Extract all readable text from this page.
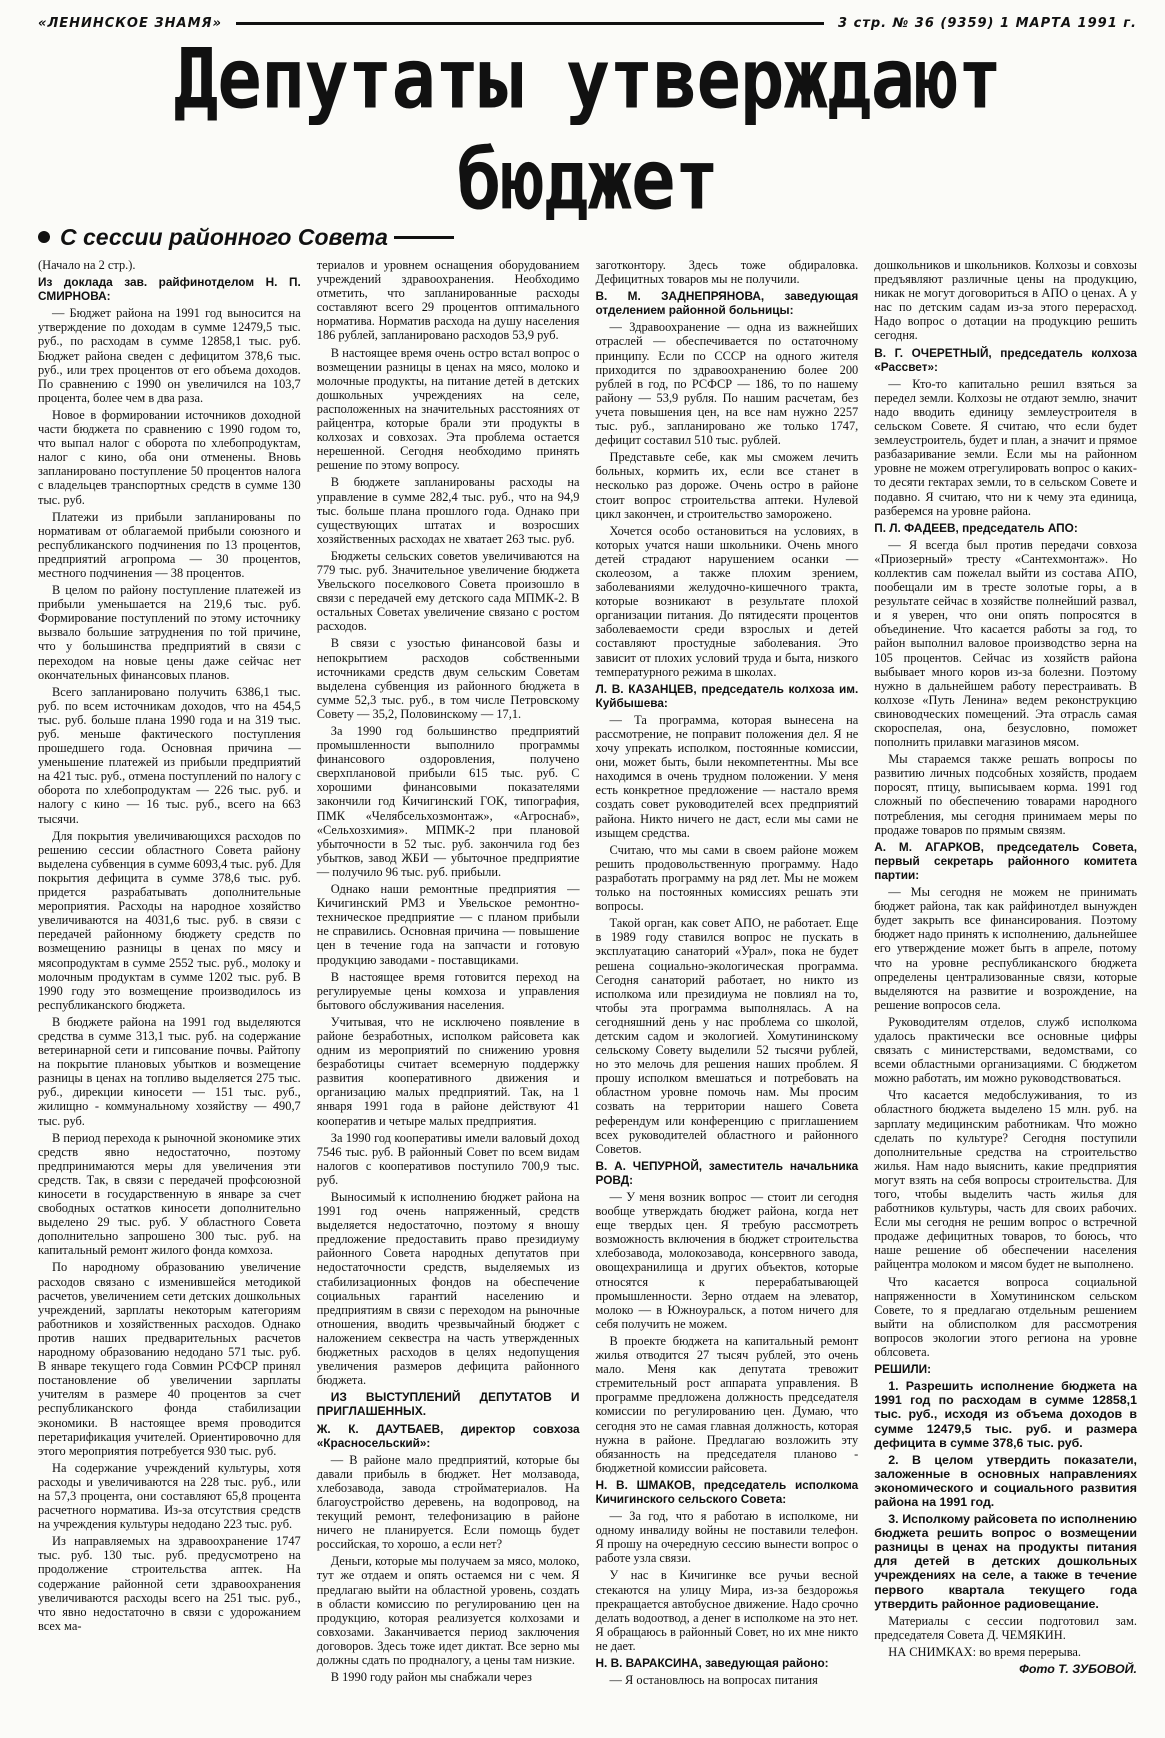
«ЛЕНИНСКОЕ ЗНАМЯ»	3 стр. № 36 (9359) 1 МАРТА 1991 г.
Депутаты утверждают бюджет
С сессии районного Совета

(Начало на 2 стр.).

Из доклада зав. райфинотделом Н. П. СМИРНОВА:

— Бюджет района на 1991 год выносится на утверждение по доходам в сумме 12479,5 тыс. руб., по расходам в сумме 12858,1 тыс. руб. Бюджет района сведен с дефицитом 378,6 тыс. руб., или трех процентов от его объема доходов. По сравнению с 1990 он увеличился на 103,7 процента, более чем в два раза.

Новое в формировании источников доходной части бюджета по сравнению с 1990 годом то, что выпал налог с оборота по хлебопродуктам, налог с кино, оба они отменены. Вновь запланировано поступление 50 процентов налога с владельцев транспортных средств в сумме 130 тыс. руб.

Платежи из прибыли запланированы по нормативам от облагаемой прибыли союзного и республиканского подчинения по 13 процентов, предприятий агропрома — 30 процентов, местного подчинения — 38 процентов.

В целом по району поступление платежей из прибыли уменьшается на 219,6 тыс. руб. Формирование поступлений по этому источнику вызвало большие затруднения по той причине, что у большинства предприятий в связи с переходом на новые цены даже сейчас нет окончательных финансовых планов.

Всего запланировано получить 6386,1 тыс. руб. по всем источникам доходов, что на 454,5 тыс. руб. больше плана 1990 года и на 319 тыс. руб. меньше фактического поступления прошедшего года. Основная причина — уменьшение платежей из прибыли предприятий на 421 тыс. руб., отмена поступлений по налогу с оборота по хлебопродуктам — 226 тыс. руб. и налогу с кино — 16 тыс. руб., всего на 663 тысячи.

Для покрытия увеличивающихся расходов по решению сессии областного Совета району выделена субвенция в сумме 6093,4 тыс. руб. Для покрытия дефицита в сумме 378,6 тыс. руб. придется разрабатывать дополнительные мероприятия. Расходы на народное хозяйство увеличиваются на 4031,6 тыс. руб. в связи с передачей районному бюджету средств по возмещению разницы в ценах по мясу и мясопродуктам в сумме 2552 тыс. руб., молоку и молочным продуктам в сумме 1202 тыс. руб. В 1990 году это возмещение производилось из республиканского бюджета.

В бюджете района на 1991 год выделяются средства в сумме 313,1 тыс. руб. на содержание ветеринарной сети и гипсование почвы. Райтопу на покрытие плановых убытков и возмещение разницы в ценах на топливо выделяется 275 тыс. руб., дирекции киносети — 151 тыс. руб., жилищно - коммунальному хозяйству — 490,7 тыс. руб.

В период перехода к рыночной экономике этих средств явно недостаточно, поэтому предпринимаются меры для увеличения эти средств. Так, в связи с передачей профсоюзной киносети в государственную в январе за счет свободных остатков киносети дополнительно выделено 29 тыс. руб. У областного Совета дополнительно запрошено 300 тыс. руб. на капитальный ремонт жилого фонда комхоза.

По народному образованию увеличение расходов связано с изменившейся методикой расчетов, увеличением сети детских дошкольных учреждений, зарплаты некоторым категориям работников и хозяйственных расходов. Однако против наших предварительных расчетов народному образованию недодано 571 тыс. руб. В январе текущего года Совмин РСФСР принял постановление об увеличении зарплаты учителям в размере 40 процентов за счет республиканского фонда стабилизации экономики. В настоящее время проводится перетарификация учителей. Ориентировочно для этого мероприятия потребуется 930 тыс. руб.

На содержание учреждений культуры, хотя расходы и увеличиваются на 228 тыс. руб., или на 57,3 процента, они составляют 65,8 процента расчетного норматива. Из-за отсутствия средств на учреждения культуры недодано 223 тыс. руб.

Из направляемых на здравоохранение 1747 тыс. руб. 130 тыс. руб. предусмотрено на продолжение строительства аптек. На содержание районной сети здравоохранения увеличиваются расходы всего на 251 тыс. руб., что явно недостаточно в связи с удорожанием всех ма-

териалов и уровнем оснащения оборудованием учреждений здравоохранения. Необходимо отметить, что запланированные расходы составляют всего 29 процентов оптимального норматива. Норматив расхода на душу населения 186 рублей, запланировано расходов 53,9 руб.

В настоящее время очень остро встал вопрос о возмещении разницы в ценах на мясо, молоко и молочные продукты, на питание детей в детских дошкольных учреждениях на селе, расположенных на значительных расстояниях от райцентра, которые брали эти продукты в колхозах и совхозах. Эта проблема остается нерешенной. Сегодня необходимо принять решение по этому вопросу.

В бюджете запланированы расходы на управление в сумме 282,4 тыс. руб., что на 94,9 тыс. больше плана прошлого года. Однако при существующих штатах и возросших хозяйственных расходах не хватает 263 тыс. руб.

Бюджеты сельских советов увеличиваются на 779 тыс. руб. Значительное увеличение бюджета Увельского поселкового Совета произошло в связи с передачей ему детского сада МПМК-2. В остальных Советах увеличение связано с ростом расходов.

В связи с узостью финансовой базы и непокрытием расходов собственными источниками средств двум сельским Советам выделена субвенция из районного бюджета в сумме 52,3 тыс. руб., в том числе Петровскому Совету — 35,2, Половинскому — 17,1.

За 1990 год большинство предприятий промышленности выполнило программы финансового оздоровления, получено сверхплановой прибыли 615 тыс. руб. С хорошими финансовыми показателями закончили год Кичигинский ГОК, типография, ПМК «Челябсельхозмонтаж», «Агроснаб», «Сельхозхимия». МПМК-2 при плановой убыточности в 52 тыс. руб. закончила год без убытков, завод ЖБИ — убыточное предприятие — получило 96 тыс. руб. прибыли.

Однако наши ремонтные предприятия — Кичигинский РМЗ и Увельское ремонтно-техническое предприятие — с планом прибыли не справились. Основная причина — повышение цен в течение года на запчасти и готовую продукцию заводами - поставщиками.

В настоящее время готовится переход на регулируемые цены комхоза и управления бытового обслуживания населения.

Учитывая, что не исключено появление в районе безработных, исполком райсовета как одним из мероприятий по снижению уровня безработицы считает всемерную поддержку развития кооперативного движения и организацию малых предприятий. Так, на 1 января 1991 года в районе действуют 41 кооператив и четыре малых предприятия.

За 1990 год кооперативы имели валовый доход 7546 тыс. руб. В районный Совет по всем видам налогов с кооперативов поступило 700,9 тыс. руб.

Выносимый к исполнению бюджет района на 1991 год очень напряженный, средств выделяется недостаточно, поэтому я вношу предложение предоставить право президиуму районного Совета народных депутатов при недостаточности средств, выделяемых из стабилизационных фондов на обеспечение социальных гарантий населению и предприятиям в связи с переходом на рыночные отношения, вводить чрезвычайный бюджет с наложением секвестра на часть утвержденных бюджетных расходов в целях недопущения увеличения размеров дефицита районного бюджета.

ИЗ ВЫСТУПЛЕНИЙ ДЕПУТАТОВ И ПРИГЛАШЕННЫХ.

Ж. К. ДАУТБАЕВ, директор совхоза «Красносельский»:

— В районе мало предприятий, которые бы давали прибыль в бюджет. Нет молзавода, хлебозавода, завода стройматериалов. На благоустройство деревень, на водопровод, на текущий ремонт, телефонизацию в районе ничего не планируется. Если помощь будет российская, то хорошо, а если нет?

Деньги, которые мы получаем за мясо, молоко, тут же отдаем и опять остаемся ни с чем. Я предлагаю выйти на областной уровень, создать в области комиссию по регулированию цен на продукцию, которая реализуется колхозами и совхозами. Заканчивается период заключения договоров. Здесь тоже идет диктат. Все зерно мы должны сдать по продналогу, а цены там низкие.

В 1990 году район мы снабжали через

заготконтору. Здесь тоже обдираловка. Дефицитных товаров мы не получили.

В. М. ЗАДНЕПРЯНОВА, заведующая отделением районной больницы:

— Здравоохранение — одна из важнейших отраслей — обеспечивается по остаточному принципу. Если по СССР на одного жителя приходится по здравоохранению более 200 рублей в год, по РСФСР — 186, то по нашему району — 53,9 рубля. По нашим расчетам, без учета повышения цен, на все нам нужно 2257 тыс. руб., запланировано же только 1747, дефицит составил 510 тыс. рублей.

Представьте себе, как мы сможем лечить больных, кормить их, если все станет в несколько раз дороже. Очень остро в районе стоит вопрос строительства аптеки. Нулевой цикл закончен, и строительство заморожено.

Хочется особо остановиться на условиях, в которых учатся наши школьники. Очень много детей страдают нарушением осанки — сколеозом, а также плохим зрением, заболеваниями желудочно-кишечного тракта, которые возникают в результате плохой организации питания. До пятидесяти процентов заболеваемости среди взрослых и детей составляют простудные заболевания. Это зависит от плохих условий труда и быта, низкого температурного режима в школах.

Л. В. КАЗАНЦЕВ, председатель колхоза им. Куйбышева:

— Та программа, которая вынесена на рассмотрение, не поправит положения дел. Я не хочу упрекать исполком, постоянные комиссии, они, может быть, были некомпетентны. Мы все находимся в очень трудном положении. У меня есть конкретное предложение — настало время создать совет руководителей всех предприятий района. Никто ничего не даст, если мы сами не изыщем средства.

Считаю, что мы сами в своем районе можем решить продовольственную программу. Надо разработать программу на ряд лет. Мы не можем только на постоянных комиссиях решать эти вопросы.

Такой орган, как совет АПО, не работает. Еще в 1989 году ставился вопрос не пускать в эксплуатацию санаторий «Урал», пока не будет решена социально-экологическая программа. Сегодня санаторий работает, но никто из исполкома или президиума не повлиял на то, чтобы эта программа выполнялась. А на сегодняшний день у нас проблема со школой, детским садом и экологией. Хомутининскому сельскому Совету выделили 52 тысячи рублей, но это мелочь для решения наших проблем. Я прошу исполком вмешаться и потребовать на областном уровне помочь нам. Мы просим созвать на территории нашего Совета референдум или конференцию с приглашением всех руководителей областного и районного Советов.

В. А. ЧЕПУРНОЙ, заместитель начальника РОВД:

— У меня возник вопрос — стоит ли сегодня вообще утверждать бюджет района, когда нет еще твердых цен. Я требую рассмотреть возможность включения в бюджет строительства хлебозавода, молокозавода, консервного завода, овощехранилища и других объектов, которые относятся к перерабатывающей промышленности. Зерно отдаем на элеватор, молоко — в Южноуральск, а потом ничего для себя получить не можем.

В проекте бюджета на капитальный ремонт жилья отводится 27 тысяч рублей, это очень мало. Меня как депутата тревожит стремительный рост аппарата управления. В программе предложена должность председателя комиссии по регулированию цен. Думаю, что сегодня это не самая главная должность, которая нужна в районе. Предлагаю возложить эту обязанность на председателя планово - бюджетной комиссии райсовета.

Н. В. ШМАКОВ, председатель исполкома Кичигинского сельского Совета:

— За год, что я работаю в исполкоме, ни одному инвалиду войны не поставили телефон. Я прошу на очередную сессию вынести вопрос о работе узла связи.

У нас в Кичигинке все ручьи весной стекаются на улицу Мира, из-за бездорожья прекращается автобусное движение. Надо срочно делать водоотвод, а денег в исполкоме на это нет. Я обращаюсь в районный Совет, но их мне никто не дает.

Н. В. ВАРАКСИНА, заведующая районо:

— Я остановлюсь на вопросах питания

дошкольников и школьников. Колхозы и совхозы предъявляют различные цены на продукцию, никак не могут договориться в АПО о ценах. А у нас по детским садам из-за этого перерасход. Надо вопрос о дотации на продукцию решить сегодня.

В. Г. ОЧЕРЕТНЫЙ, председатель колхоза «Рассвет»:

— Кто-то капитально решил взяться за передел земли. Колхозы не отдают землю, значит надо вводить единицу землеустроителя в сельском Совете. Я считаю, что если будет землеустроитель, будет и план, а значит и прямое разбазаривание земли. Если мы на районном уровне не можем отрегулировать вопрос о каких-то десяти гектарах земли, то в сельском Совете и подавно. Я считаю, что ни к чему эта единица, разберемся на уровне района.

П. Л. ФАДЕЕВ, председатель АПО:

— Я всегда был против передачи совхоза «Приозерный» тресту «Сантехмонтаж». Но коллектив сам пожелал выйти из состава АПО, пообещали им в тресте золотые горы, а в результате сейчас в хозяйстве полнейший развал, и я уверен, что они опять попросятся в объединение. Что касается работы за год, то район выполнил валовое производство зерна на 105 процентов. Сейчас из хозяйств района выбывает много коров из-за болезни. Поэтому нужно в дальнейшем работу перестраивать. В колхозе «Путь Ленина» ведем реконструкцию свиноводческих помещений. Эта отрасль самая скороспелая, она, безусловно, поможет пополнить прилавки магазинов мясом.

Мы стараемся также решать вопросы по развитию личных подсобных хозяйств, продаем поросят, птицу, выписываем корма. 1991 год сложный по обеспечению товарами народного потребления, мы сегодня принимаем меры по продаже товаров по прямым связям.

А. М. АГАРКОВ, председатель Совета, первый секретарь районного комитета партии:

— Мы сегодня не можем не принимать бюджет района, так как райфинотдел вынужден будет закрыть все финансирования. Поэтому бюджет надо принять к исполнению, дальнейшее его утверждение может быть в апреле, потому что на уровне республиканского бюджета определены централизованные связи, которые выделяются на развитие и возрождение, на решение вопросов села.

Руководителям отделов, служб исполкома удалось практически все основные цифры связать с министерствами, ведомствами, со всеми областными организациями. С бюджетом можно работать, им можно руководствоваться.

Что касается медобслуживания, то из областного бюджета выделено 15 млн. руб. на зарплату медицинским работникам. Что можно сделать по культуре? Сегодня поступили дополнительные средства на строительство жилья. Нам надо выяснить, какие предприятия могут взять на себя вопросы строительства. Для того, чтобы выделить часть жилья для работников культуры, часть для своих рабочих. Если мы сегодня не решим вопрос о встречной продаже дефицитных товаров, то боюсь, что наше решение об обеспечении населения райцентра молоком и мясом будет не выполнено.

Что касается вопроса социальной напряженности в Хомутининском сельском Совете, то я предлагаю отдельным решением выйти на облисполком для рассмотрения вопросов экологии этого региона на уровне облсовета.

РЕШИЛИ:

1. Разрешить исполнение бюджета на 1991 год по расходам в сумме 12858,1 тыс. руб., исходя из объема доходов в сумме 12479,5 тыс. руб. и размера дефицита в сумме 378,6 тыс. руб.

2. В целом утвердить показатели, заложенные в основных направлениях экономического и социального развития района на 1991 год.

3. Исполкому райсовета по исполнению бюджета решить вопрос о возмещении разницы в ценах на продукты питания для детей в детских дошкольных учреждениях на селе, а также в течение первого квартала текущего года утвердить районное радиовещание.

Материалы с сессии подготовил зам. председателя Совета Д. ЧЕМЯКИН.

НА СНИМКАХ: во время перерыва.

Фото Т. ЗУБОВОЙ.
